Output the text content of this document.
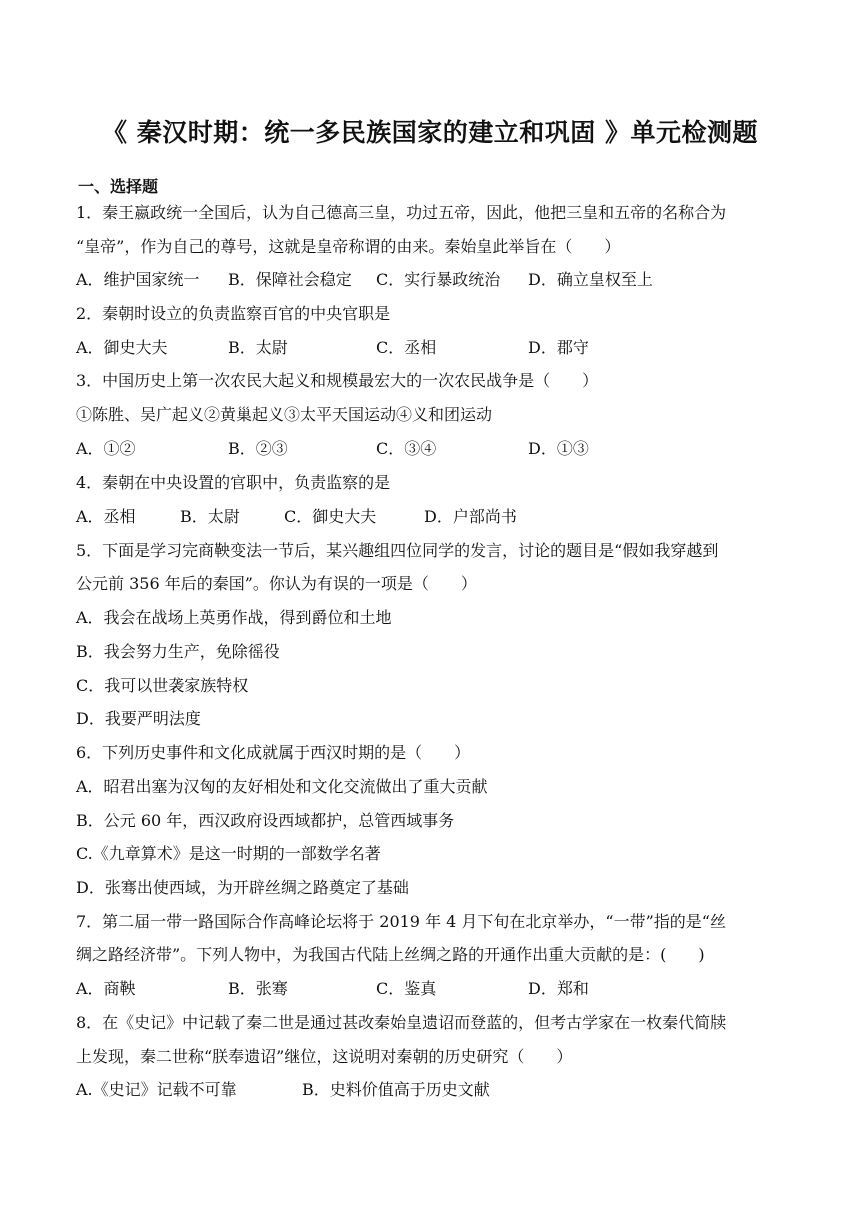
《 秦汉时期：统一多民族国家的建立和巩固 》单元检测题
一、选择题
1．秦王嬴政统一全国后，认为自己德高三皇，功过五帝，因此，他把三皇和五帝的名称合为
“皇帝”，作为自己的尊号，这就是皇帝称谓的由来。秦始皇此举旨在（　　）
A．维护国家统一 B．保障社会稳定 C．实行暴政统治 D．确立皇权至上
2．秦朝时设立的负责监察百官的中央官职是
A．御史大夫	B．太尉	C．丞相	D．郡守
3．中国历史上第一次农民大起义和规模最宏大的一次农民战争是（　　）
①陈胜、吴广起义②黄巢起义③太平天国运动④义和团运动
A．①②	B．②③	C．③④	D．①③
4．秦朝在中央设置的官职中，负责监察的是
A．丞相	B．太尉	C．御史大夫	D．户部尚书
5．下面是学习完商鞅变法一节后，某兴趣组四位同学的发言，讨论的题目是“假如我穿越到
公元前 356 年后的秦国”。你认为有误的一项是（　　）
A．我会在战场上英勇作战，得到爵位和土地
B．我会努力生产，免除徭役
C．我可以世袭家族特权
D．我要严明法度
6．下列历史事件和文化成就属于西汉时期的是（　　）
A．昭君出塞为汉匈的友好相处和文化交流做出了重大贡献
B．公元 60 年，西汉政府设西域都护，总管西域事务
C.《九章算术》是这一时期的一部数学名著
D．张骞出使西域，为开辟丝绸之路奠定了基础
7．第二届一带一路国际合作高峰论坛将于 2019 年 4 月下旬在北京举办，“一带”指的是“丝
绸之路经济带”。下列人物中，为我国古代陆上丝绸之路的开通作出重大贡献的是：(　　)
A．商鞅	B．张骞	C．鉴真	D．郑和
8．在《史记》中记载了秦二世是通过甚改秦始皇遗诏而登蓝的，但考古学家在一枚秦代简牍
上发现，秦二世称“朕奉遗诏”继位，这说明对秦朝的历史研究（　　）
A.《史记》记载不可靠	B．史料价值高于历史文献
